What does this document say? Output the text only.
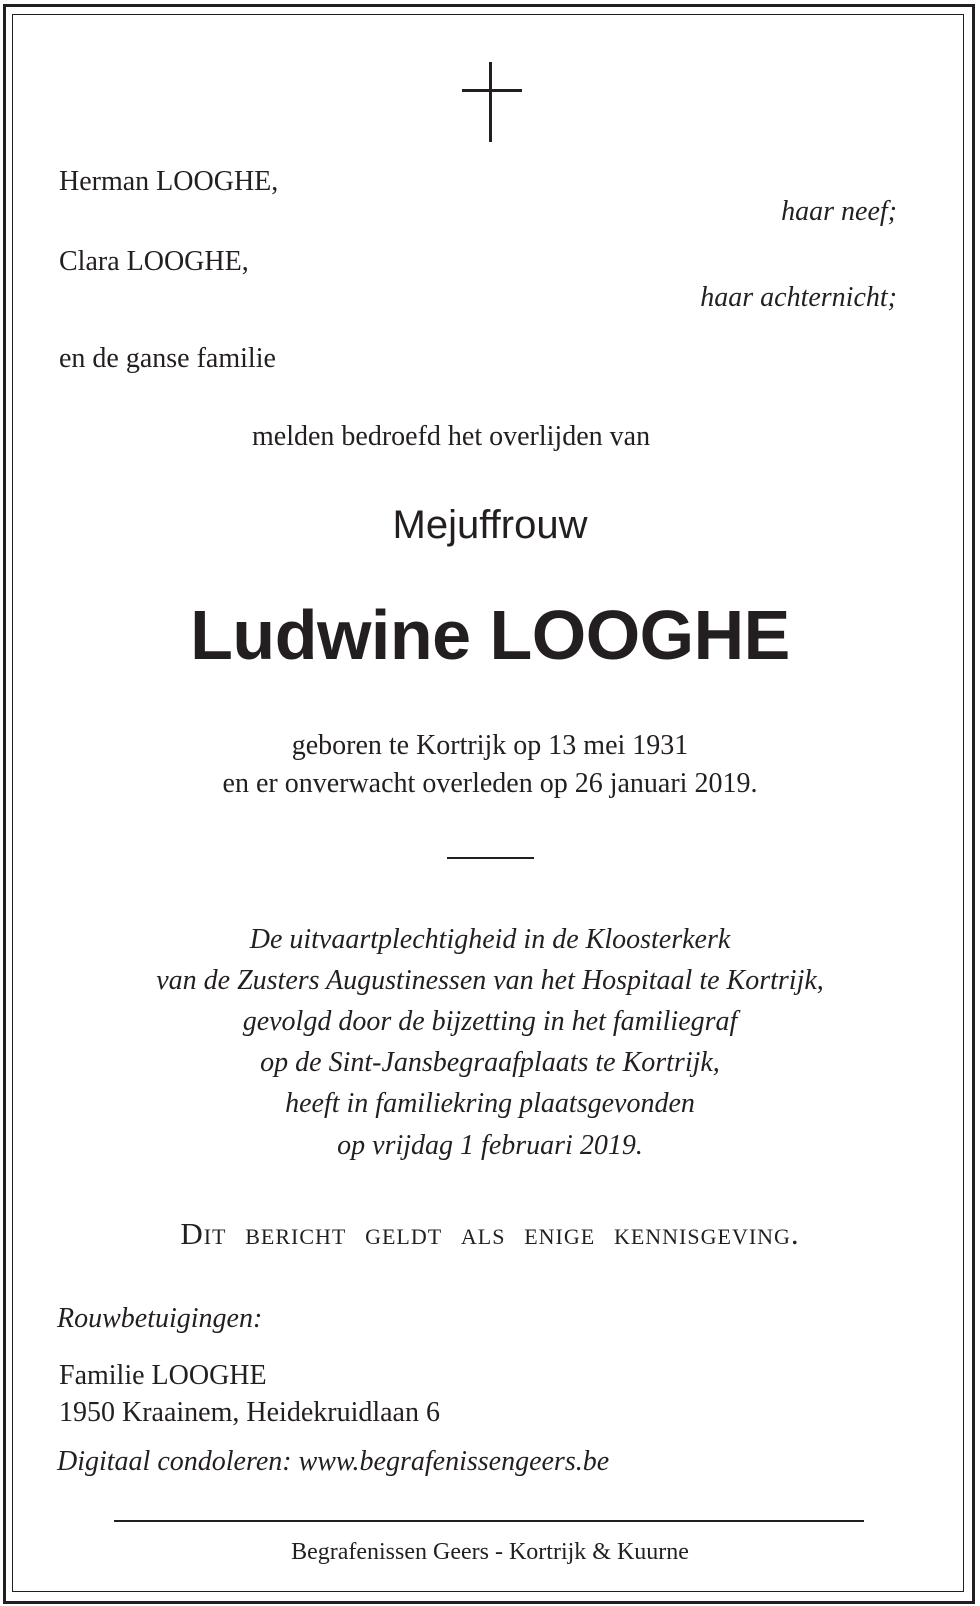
Herman LOOGHE,
haar neef;
Clara LOOGHE,
haar achternicht;
en de ganse familie
melden bedroefd het overlijden van
Mejuffrouw
Ludwine LOOGHE
geboren te Kortrijk op 13 mei 1931
en er onverwacht overleden op 26 januari 2019.
De uitvaartplechtigheid in de Kloosterkerk
van de Zusters Augustinessen van het Hospitaal te Kortrijk,
gevolgd door de bijzetting in het familiegraf
op de Sint-Jansbegraafplaats te Kortrijk,
heeft in familiekring plaatsgevonden
op vrijdag 1 februari 2019.
Dit bericht geldt als enige kennisgeving.
Rouwbetuigingen:
Familie LOOGHE
1950 Kraainem, Heidekruidlaan 6
Digitaal condoleren: www.begrafenissengeers.be
Begrafenissen Geers - Kortrijk & Kuurne
